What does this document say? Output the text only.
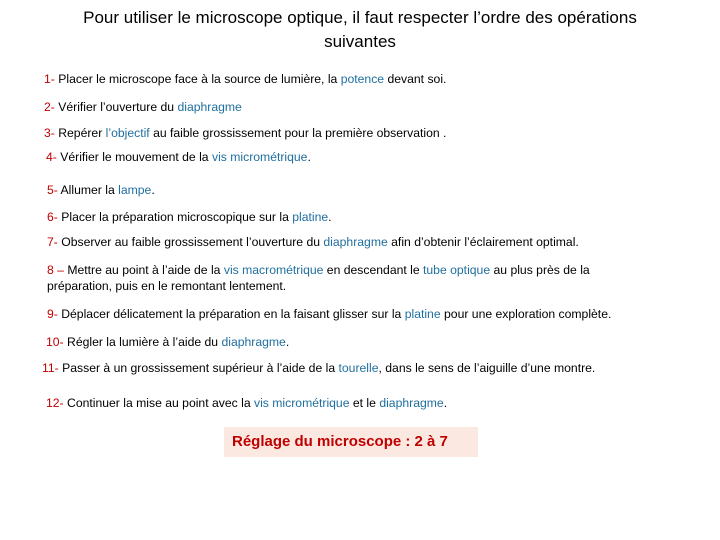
Pour utiliser le microscope optique, il faut respecter l’ordre des opérations
suivantes
1- Placer le microscope face à la source de lumière, la potence devant soi.
2- Vérifier l’ouverture du diaphragme
3- Repérer l’objectif au faible grossissement pour la première observation .
4- Vérifier le mouvement de la vis micrométrique.
5- Allumer la lampe.
6- Placer la préparation microscopique sur la platine.
7- Observer au faible grossissement l’ouverture du diaphragme afin d’obtenir l’éclairement optimal.
8 – Mettre au point à l’aide de la vis macrométrique en descendant le tube optique au plus près de la préparation, puis en le remontant lentement.
9- Déplacer délicatement la préparation en la faisant glisser sur la platine pour une exploration complète.
10- Régler la lumière à l’aide du diaphragme.
11- Passer à un grossissement supérieur à l’aide de la tourelle, dans le sens de l’aiguille d’une montre.
12- Continuer la mise au point avec la vis micrométrique et le diaphragme.
Réglage du microscope : 2 à 7
